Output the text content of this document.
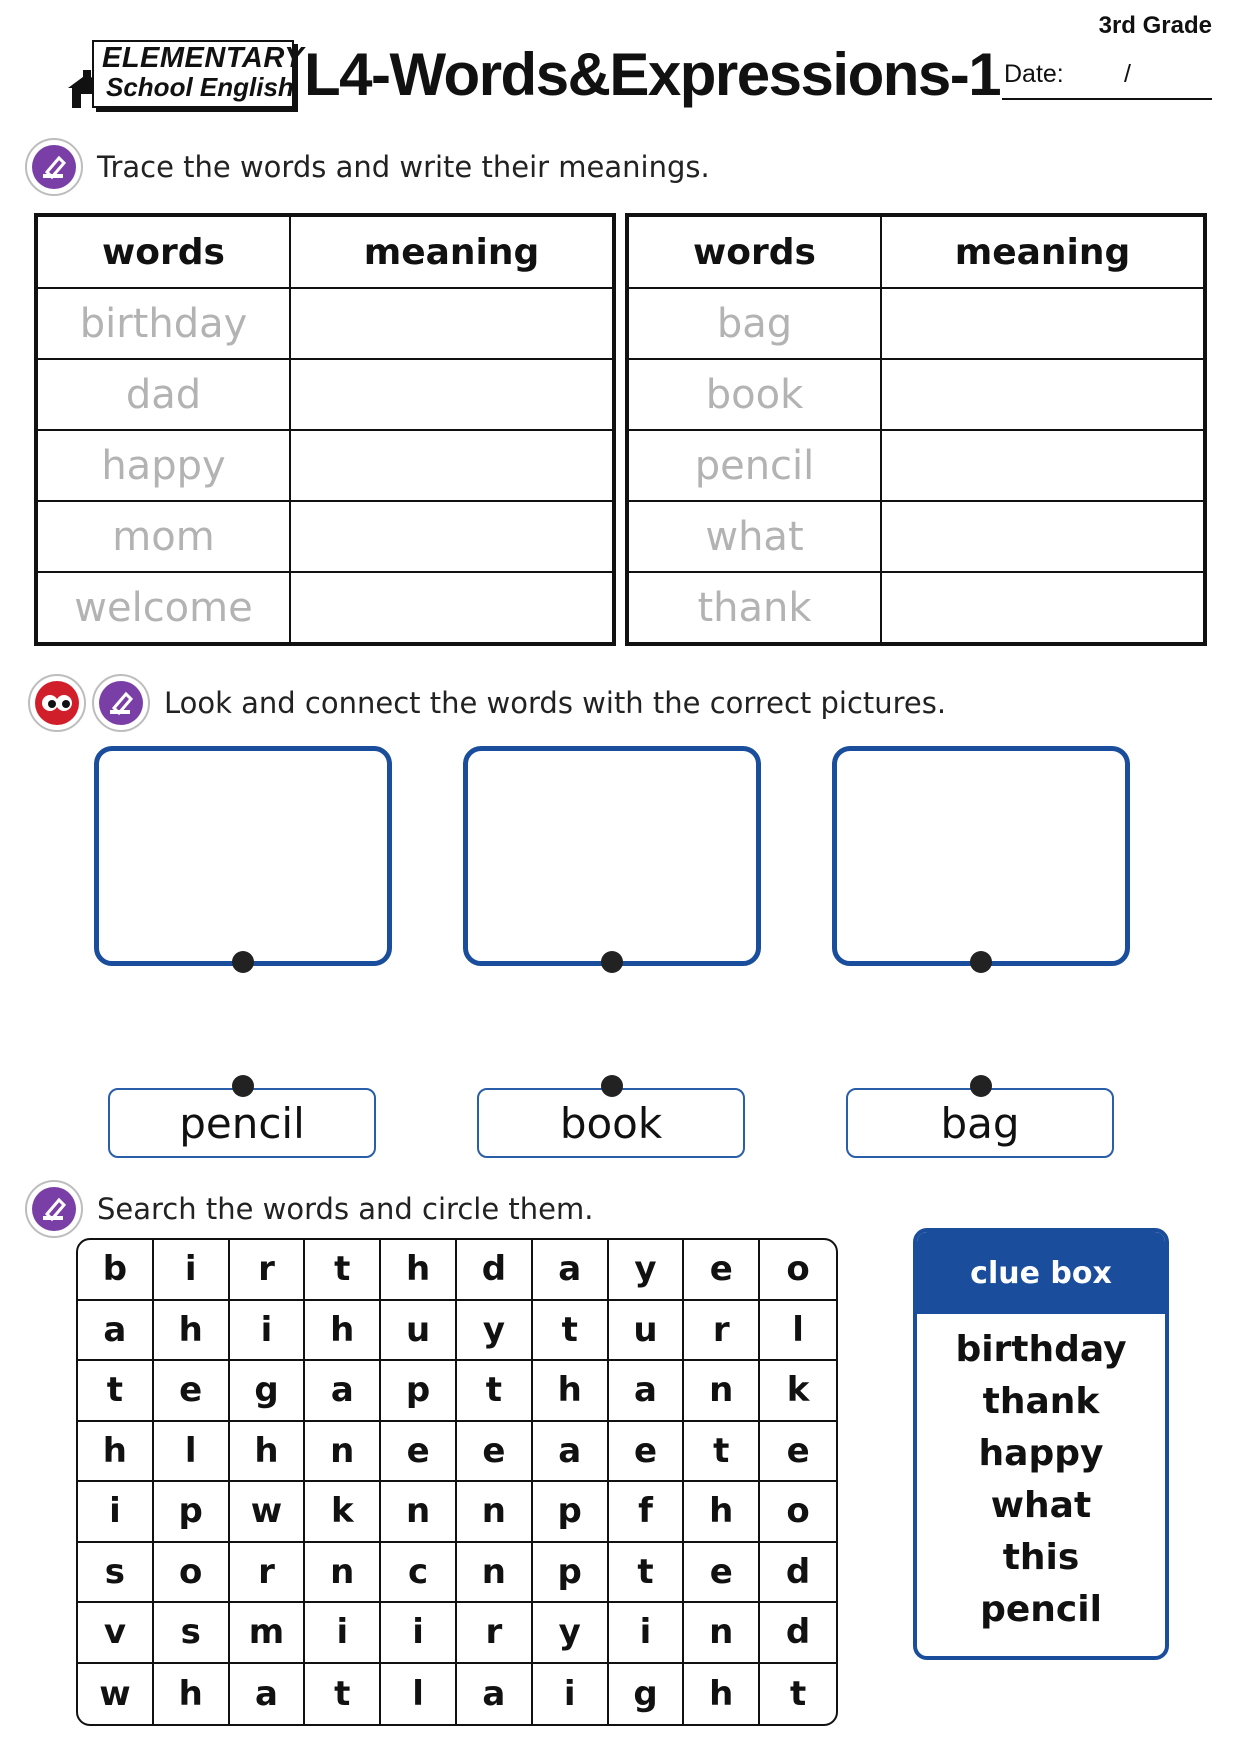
3rd Grade
ELEMENTARY
School English L4-Words&Expressions-1 Date: /
Trace the words and write their meanings.
words	meaning
birthday	
dad	
happy	
mom	
welcome	
words	meaning
bag	
book	
pencil	
what	
thank	
Look and connect the words with the correct pictures.
pencil	book	bag
Search the words and circle them.
b	i	r	t	h	d	a	y	e	o
a	h	i	h	u	y	t	u	r	l
t	e	g	a	p	t	h	a	n	k
h	l	h	n	e	e	a	e	t	e
i	p	w	k	n	n	p	f	h	o
s	o	r	n	c	n	p	t	e	d
v	s	m	i	i	r	y	i	n	d
w	h	a	t	l	a	i	g	h	t
clue box
birthday
thank
happy
what
this
pencil
